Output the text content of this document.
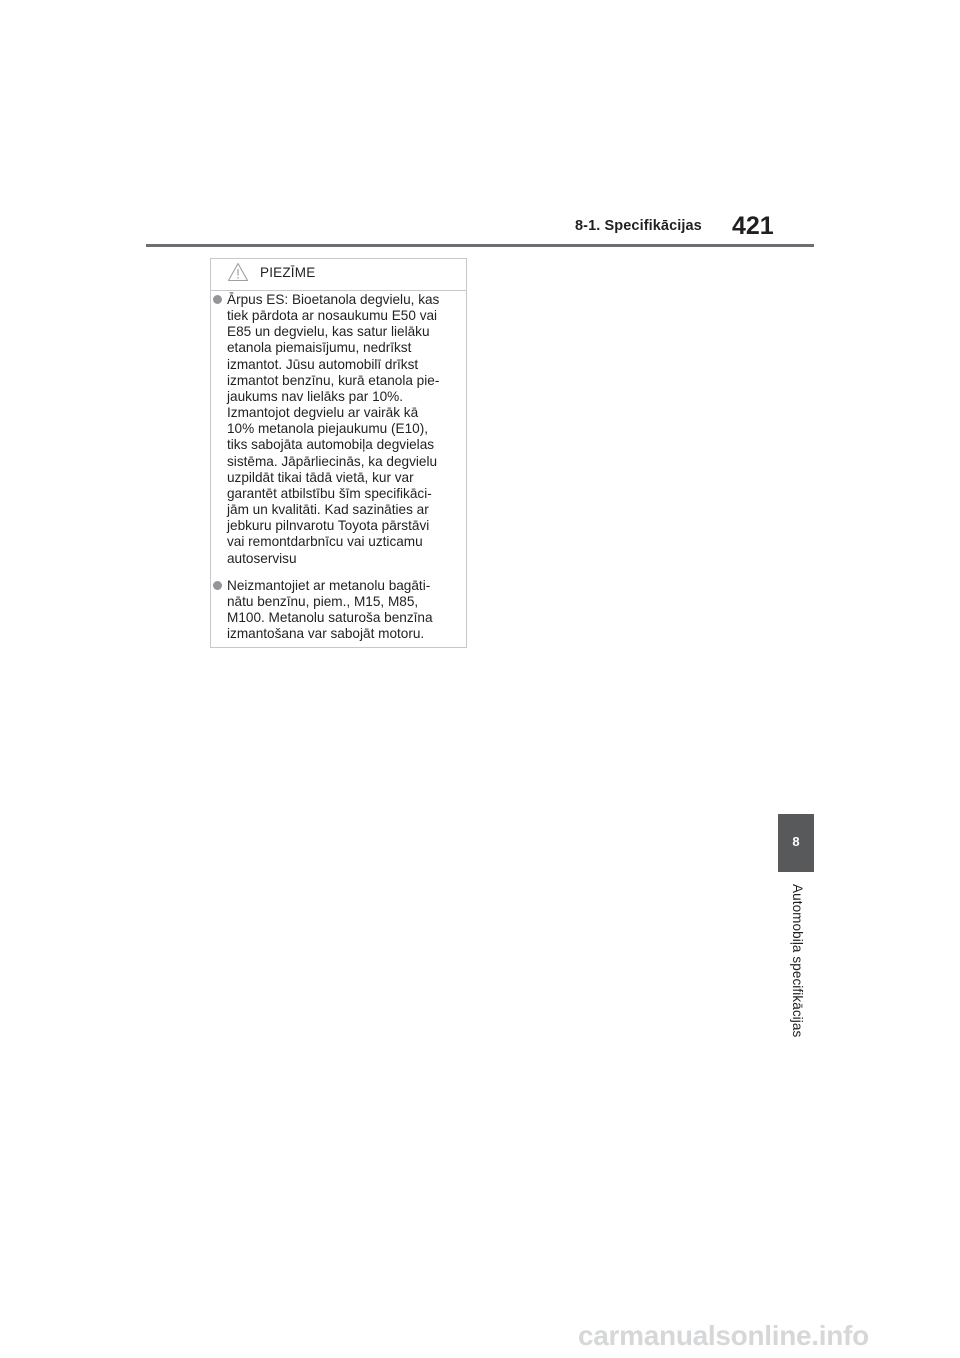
8-1. Specifikācijas 421
PIEZĪME
Ārpus ES: Bioetanola degvielu, kas
tiek pārdota ar nosaukumu E50 vai
E85 un degvielu, kas satur lielāku
etanola piemaisījumu, nedrīkst
izmantot. Jūsu automobilī drīkst
izmantot benzīnu, kurā etanola pie-
jaukums nav lielāks par 10%.
Izmantojot degvielu ar vairāk kā
10% metanola piejaukumu (E10),
tiks sabojāta automobiļa degvielas
sistēma. Jāpārliecinās, ka degvielu
uzpildāt tikai tādā vietā, kur var
garantēt atbilstību šīm specifikāci-
jām un kvalitāti. Kad sazināties ar
jebkuru pilnvarotu Toyota pārstāvi
vai remontdarbnīcu vai uzticamu
autoservisu
Neizmantojiet ar metanolu bagāti-
nātu benzīnu, piem., M15, M85,
M100. Metanolu saturoša benzīna
izmantošana var sabojāt motoru.
8
Automobiļa specifikācijas
carmanualsonline.info
